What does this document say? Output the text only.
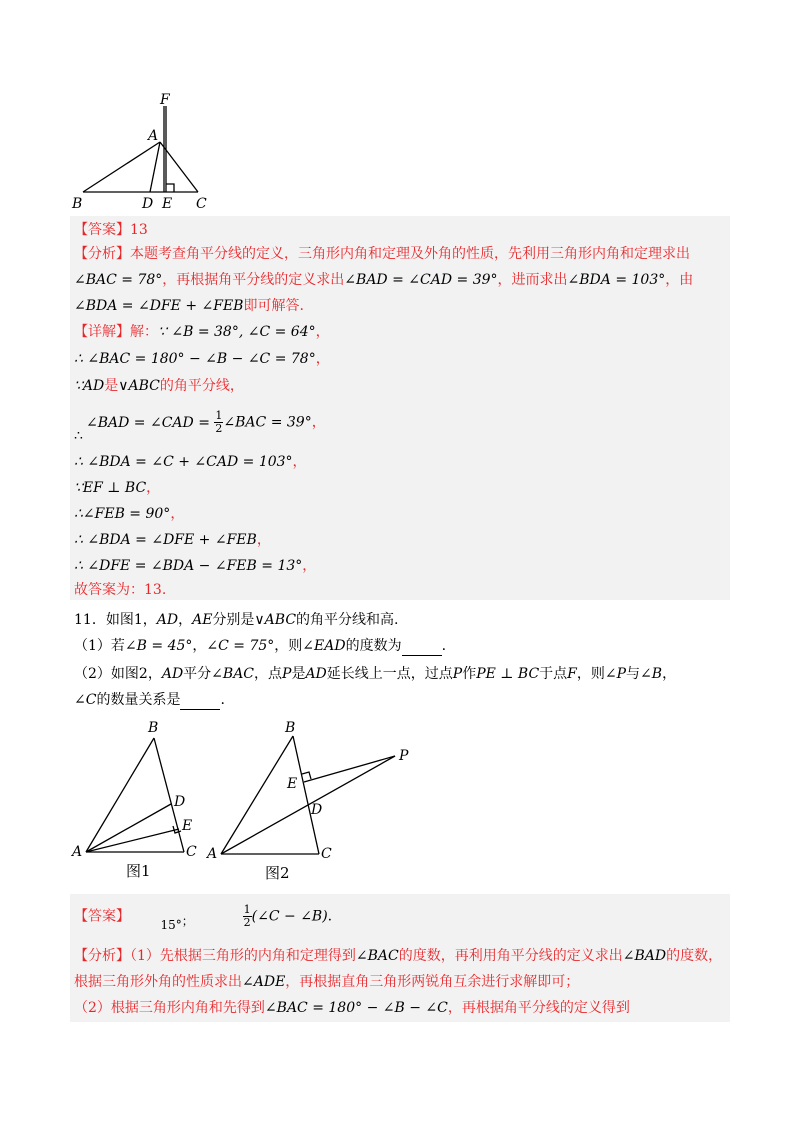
F
A
B	D E C
【答案】13
【分析】本题考查角平分线的定义，三角形内角和定理及外角的性质，先利用三角形内角和定理求出
∠BAC = 78°，再根据角平分线的定义求出∠BAD = ∠CAD = 39°，进而求出∠BDA = 103°，由
∠BDA = ∠DFE + ∠FEB即可解答.
【详解】解：∵ ∠B = 38°, ∠C = 64°，
∴ ∠BAC = 180° − ∠B − ∠C = 78°，
∵AD是∨ABC的角平分线，
∠BAD = ∠CAD = $\frac{1}{2}$ ∠BAC = 39°，
∴
∴ ∠BDA = ∠C + ∠CAD = 103°，
∵EF ⊥ BC，
∴∠FEB = 90°，
∴ ∠BDA = ∠DFE + ∠FEB，
∴ ∠DFE = ∠BDA − ∠FEB = 13°，
故答案为：13.
11．如图1，AD，AE分别是∨ABC的角平分线和高.
（1）若∠B = 45°，∠C = 75°，则∠EAD的度数为	.
（2）如图2，AD平分∠BAC，点P是AD延长线上一点，过点P作PE ⊥ BC于点F，则∠P与∠B，
∠C的数量关系是	.
B
D
E
A	C
图1
B
P
E
D
A	C
图2
【答案】	15°；	$\frac{1}{2}$ (∠C − ∠B).
【分析】（1）先根据三角形的内角和定理得到∠BAC的度数，再利用角平分线的定义求出∠BAD的度数，
根据三角形外角的性质求出∠ADE，再根据直角三角形两锐角互余进行求解即可；
（2）根据三角形内角和先得到∠BAC = 180° − ∠B − ∠C，再根据角平分线的定义得到
